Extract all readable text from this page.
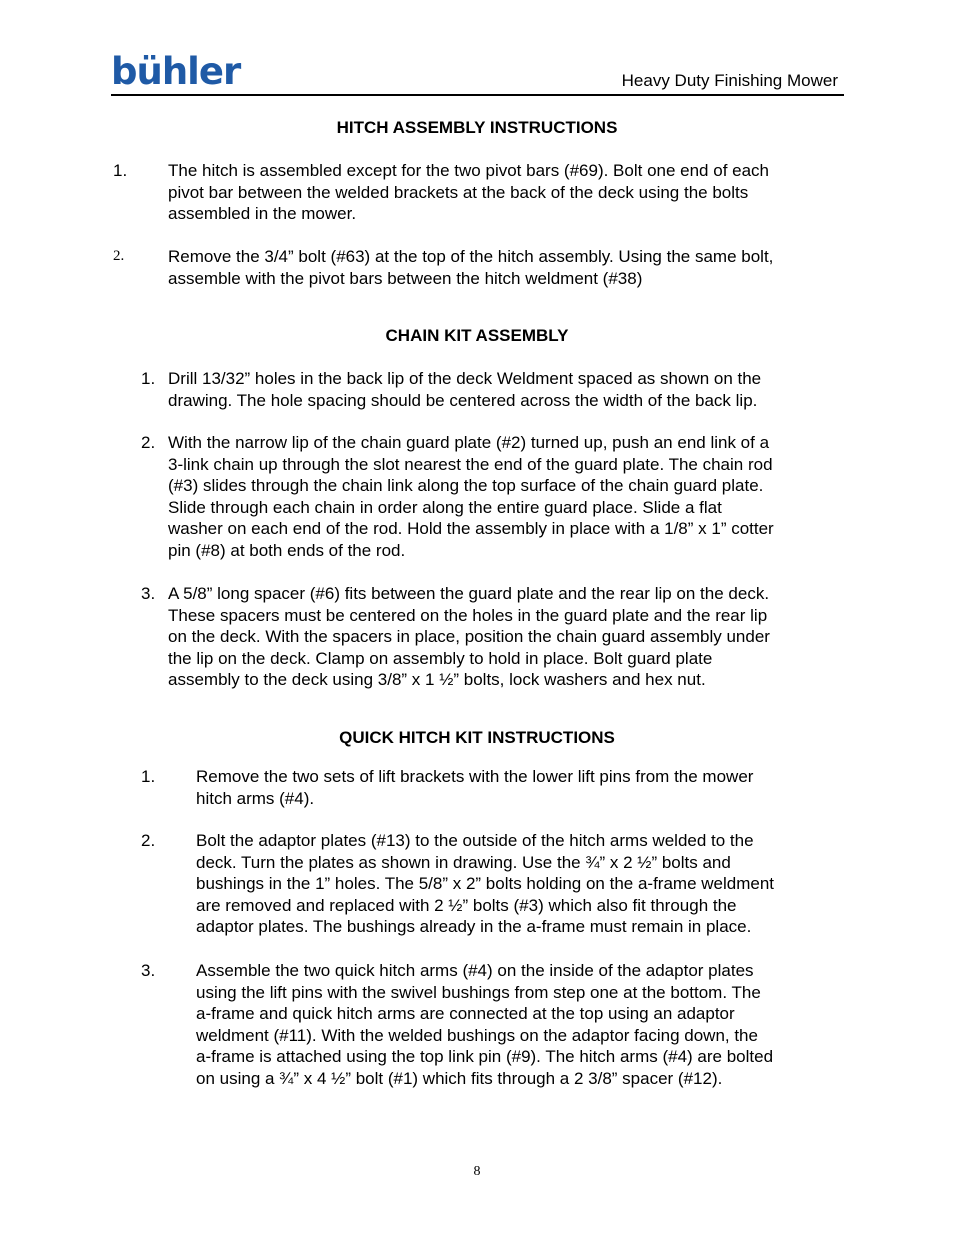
bühler	Heavy Duty Finishing Mower
HITCH ASSEMBLY INSTRUCTIONS
1. The hitch is assembled except for the two pivot bars (#69). Bolt one end of each
pivot bar between the welded brackets at the back of the deck using the bolts
assembled in the mower.
2.	Remove the 3/4” bolt (#63) at the top of the hitch assembly. Using the same bolt,
assemble with the pivot bars between the hitch weldment (#38)
CHAIN KIT ASSEMBLY
1. Drill 13/32” holes in the back lip of the deck Weldment spaced as shown on the
drawing. The hole spacing should be centered across the width of the back lip.
2. With the narrow lip of the chain guard plate (#2) turned up, push an end link of a
3-link chain up through the slot nearest the end of the guard plate. The chain rod
(#3) slides through the chain link along the top surface of the chain guard plate.
Slide through each chain in order along the entire guard place. Slide a flat
washer on each end of the rod. Hold the assembly in place with a 1/8” x 1” cotter
pin (#8) at both ends of the rod.
3. A 5/8” long spacer (#6) fits between the guard plate and the rear lip on the deck.
These spacers must be centered on the holes in the guard plate and the rear lip
on the deck. With the spacers in place, position the chain guard assembly under
the lip on the deck. Clamp on assembly to hold in place. Bolt guard plate
assembly to the deck using 3/8” x 1 ½” bolts, lock washers and hex nut.
QUICK HITCH KIT INSTRUCTIONS
1. Remove the two sets of lift brackets with the lower lift pins from the mower
hitch arms (#4).
2. Bolt the adaptor plates (#13) to the outside of the hitch arms welded to the
deck. Turn the plates as shown in drawing. Use the ¾” x 2 ½” bolts and
bushings in the 1” holes. The 5/8” x 2” bolts holding on the a-frame weldment
are removed and replaced with 2 ½” bolts (#3) which also fit through the
adaptor plates. The bushings already in the a-frame must remain in place.
3. Assemble the two quick hitch arms (#4) on the inside of the adaptor plates
using the lift pins with the swivel bushings from step one at the bottom. The
a-frame and quick hitch arms are connected at the top using an adaptor
weldment (#11). With the welded bushings on the adaptor facing down, the
a-frame is attached using the top link pin (#9). The hitch arms (#4) are bolted
on using a ¾” x 4 ½” bolt (#1) which fits through a 2 3/8” spacer (#12).
8
